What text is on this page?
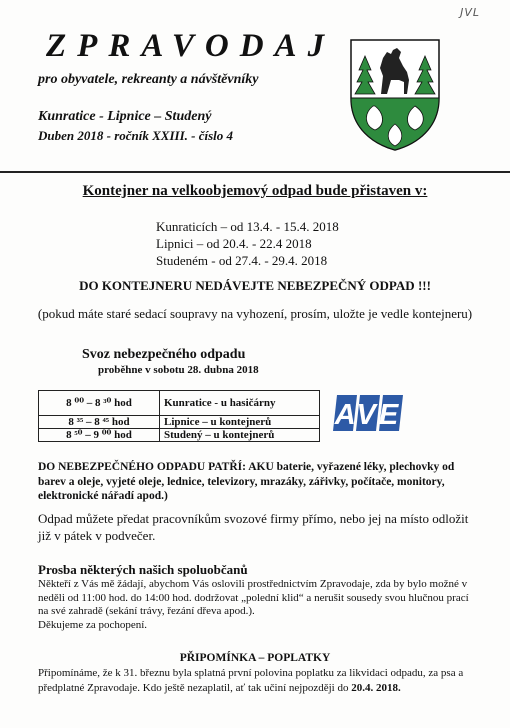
JVL
ZPRAVODAJ
pro obyvatele, rekreanty a návštěvníky
Kunratice - Lipnice – Studený
Duben 2018 - ročník XXIII. - číslo 4
Kontejner na velkoobjemový odpad bude přistaven v:
Kunraticích – od 13.4. - 15.4. 2018
Lipnici – od 20.4. - 22.4 2018
Studeném - od 27.4. - 29.4. 2018
DO KONTEJNERU NEDÁVEJTE NEBEZPEČNÝ ODPAD !!!
(pokud máte staré sedací soupravy na vyhození, prosím, uložte je vedle kontejneru)
Svoz nebezpečného odpadu
proběhne v sobotu 28. dubna 2018
8 ⁰⁰ – 8 ³⁰ hod	Kunratice - u hasičárny
8 ³⁵ – 8 ⁴⁵ hod	Lipnice – u kontejnerů
8 ⁵⁰ – 9 ⁰⁰ hod	Studený – u kontejnerů
AVE
DO NEBEZPEČNÉHO ODPADU PATŘÍ: AKU baterie, vyřazené léky, plechovky od barev a oleje, vyjeté oleje, lednice, televizory, mrazáky, zářivky, počítače, monitory, elektronické nářadí apod.)
Odpad můžete předat pracovníkům svozové firmy přímo, nebo jej na místo odložit již v pátek v podvečer.
Prosba některých našich spoluobčanů
Někteří z Vás mě žádají, abychom Vás oslovili prostřednictvím Zpravodaje, zda by bylo možné v neděli od 11:00 hod. do 14:00 hod. dodržovat „polední klid“ a nerušit sousedy svou hlučnou prací na své zahradě (sekání trávy, řezání dřeva apod.).
Děkujeme za pochopení.
PŘIPOMÍNKA – POPLATKY
Připomínáme, že k 31. březnu byla splatná první polovina poplatku za likvidaci odpadu, za psa a předplatné Zpravodaje. Kdo ještě nezaplatil, ať tak učiní nejpozději do 20.4. 2018.
